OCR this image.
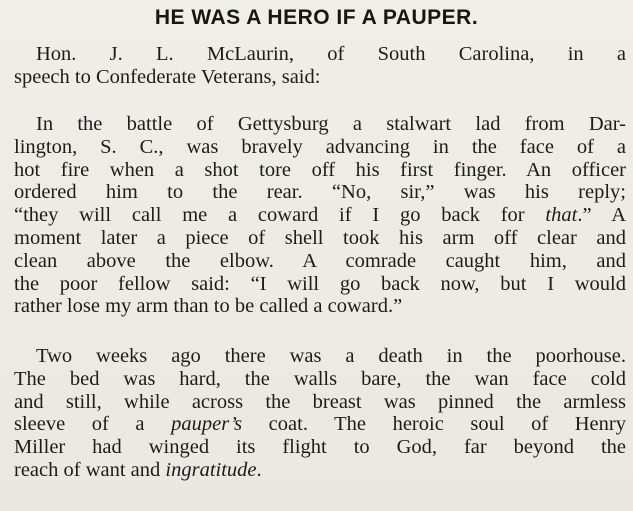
HE WAS A HERO IF A PAUPER.

Hon. J. L. McLaurin, of South Carolina, in a
speech to Confederate Veterans, said:

In the battle of Gettysburg a stalwart lad from Dar-
lington, S. C., was bravely advancing in the face of a
hot fire when a shot tore off his first finger. An officer
ordered him to the rear. “No, sir,” was his reply;
“they will call me a coward if I go back for that.” A
moment later a piece of shell took his arm off clear and
clean above the elbow. A comrade caught him, and
the poor fellow said: “I will go back now, but I would
rather lose my arm than to be called a coward.”

Two weeks ago there was a death in the poorhouse.
The bed was hard, the walls bare, the wan face cold
and still, while across the breast was pinned the armless
sleeve of a pauper’s coat. The heroic soul of Henry
Miller had winged its flight to God, far beyond the
reach of want and ingratitude.
